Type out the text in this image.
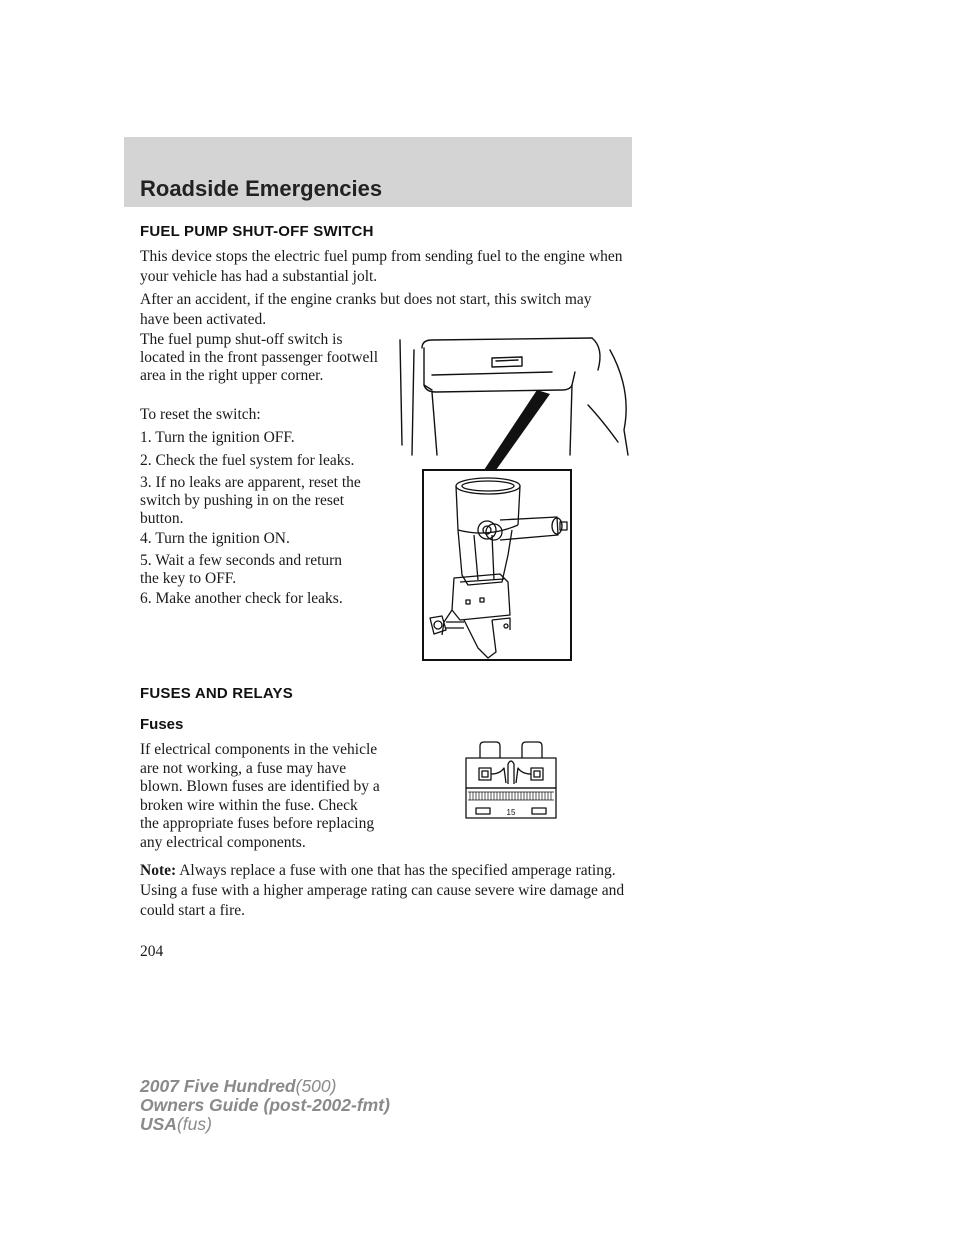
Roadside Emergencies
FUEL PUMP SHUT-OFF SWITCH
This device stops the electric fuel pump from sending fuel to the engine when your vehicle has had a substantial jolt.
After an accident, if the engine cranks but does not start, this switch may have been activated.
The fuel pump shut-off switch is located in the front passenger footwell area in the right upper corner.
To reset the switch:
1. Turn the ignition OFF.
2. Check the fuel system for leaks.
3. If no leaks are apparent, reset the switch by pushing in on the reset button.
4. Turn the ignition ON.
5. Wait a few seconds and return the key to OFF.
6. Make another check for leaks.
FUSES AND RELAYS
Fuses
If electrical components in the vehicle are not working, a fuse may have blown. Blown fuses are identified by a broken wire within the fuse. Check the appropriate fuses before replacing any electrical components.
15
Note: Always replace a fuse with one that has the specified amperage rating. Using a fuse with a higher amperage rating can cause severe wire damage and could start a fire.
204
2007 Five Hundred(500)
Owners Guide (post-2002-fmt)
USA(fus)
